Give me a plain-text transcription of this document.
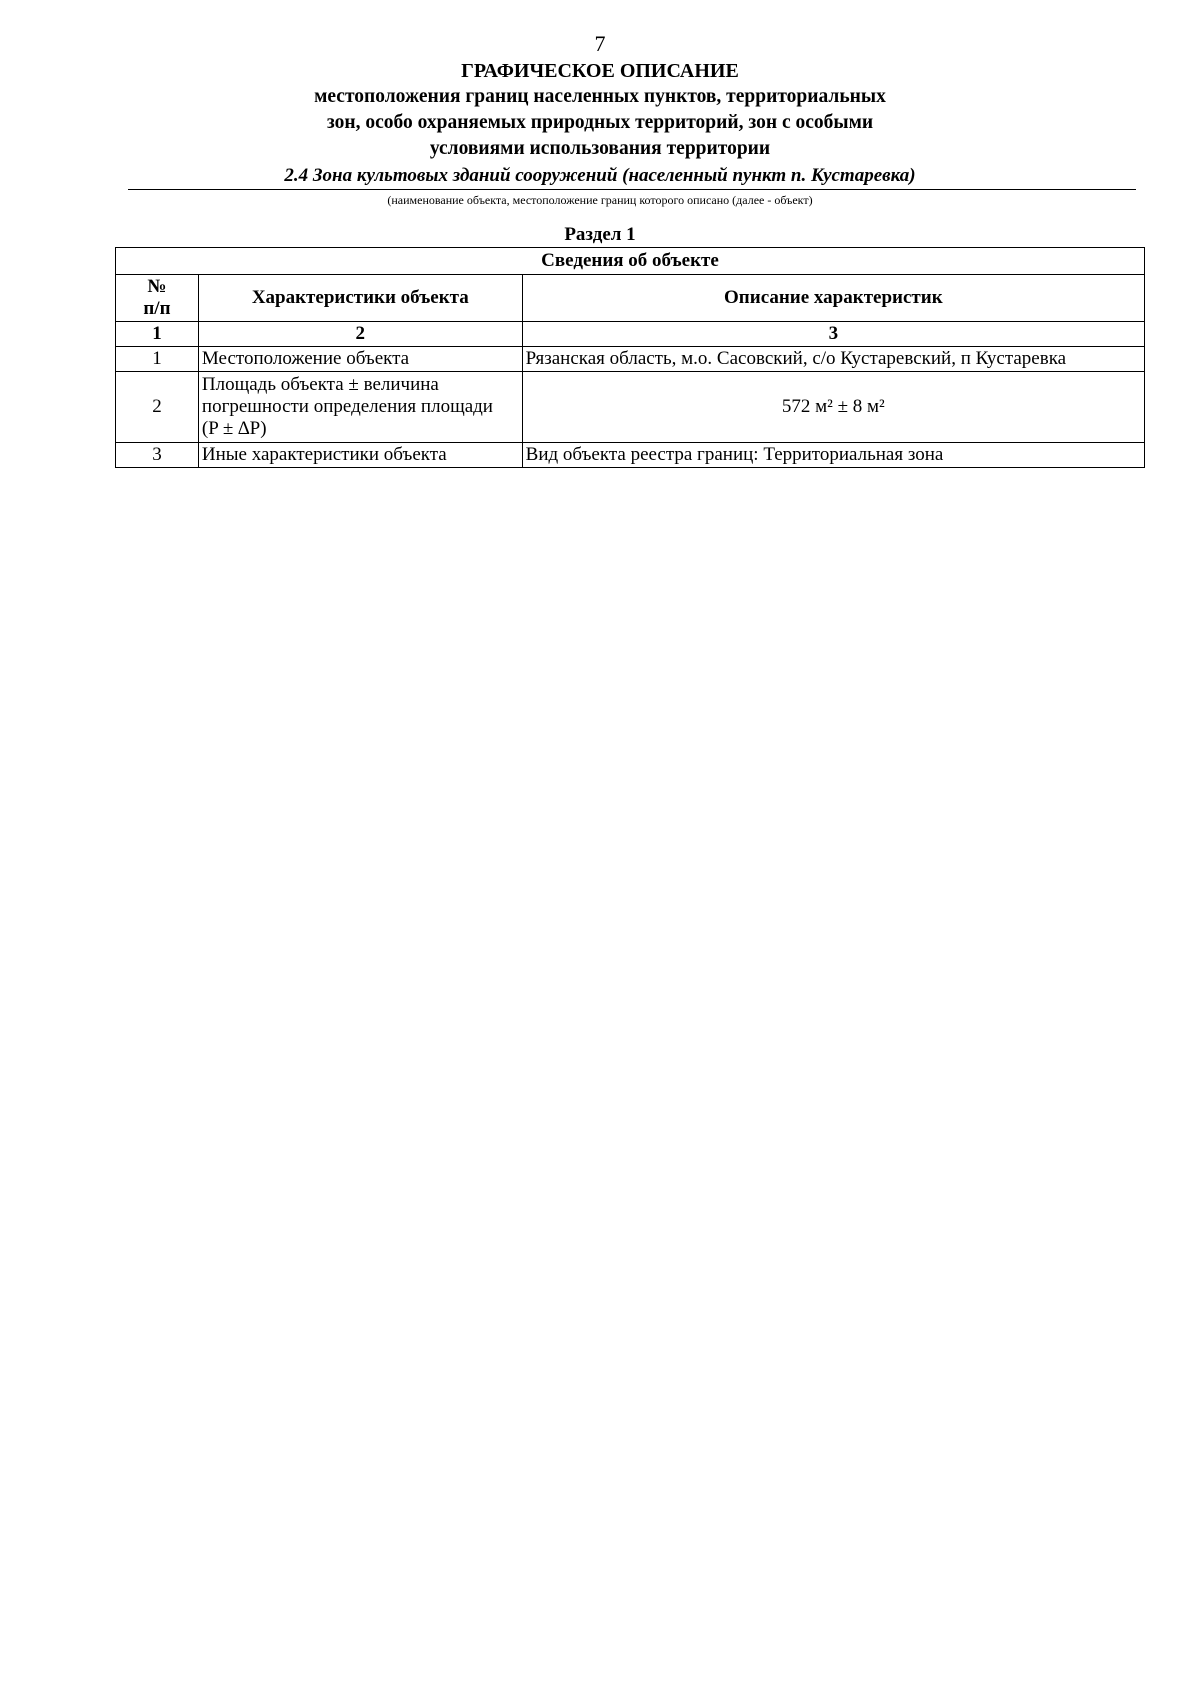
7
ГРАФИЧЕСКОЕ ОПИСАНИЕ
местоположения границ населенных пунктов, территориальных
зон, особо охраняемых природных территорий, зон с особыми
условиями использования территории
2.4 Зона культовых зданий сооружений (населенный пункт п. Кустаревка)
(наименование объекта, местоположение границ которого описано (далее - объект)
Раздел 1
Сведения об объекте		

№
п/п	Характеристики объекта	Описание характеристик
1	2	3
1	Местоположение объекта	Рязанская область, м.о. Сасовский, с/о Кустаревский, п Кустаревка
2	Площадь объекта ± величина
погрешности определения площади
(P ± ∆P)	572 м² ± 8 м²
3	Иные характеристики объекта	Вид объекта реестра границ: Территориальная зона
